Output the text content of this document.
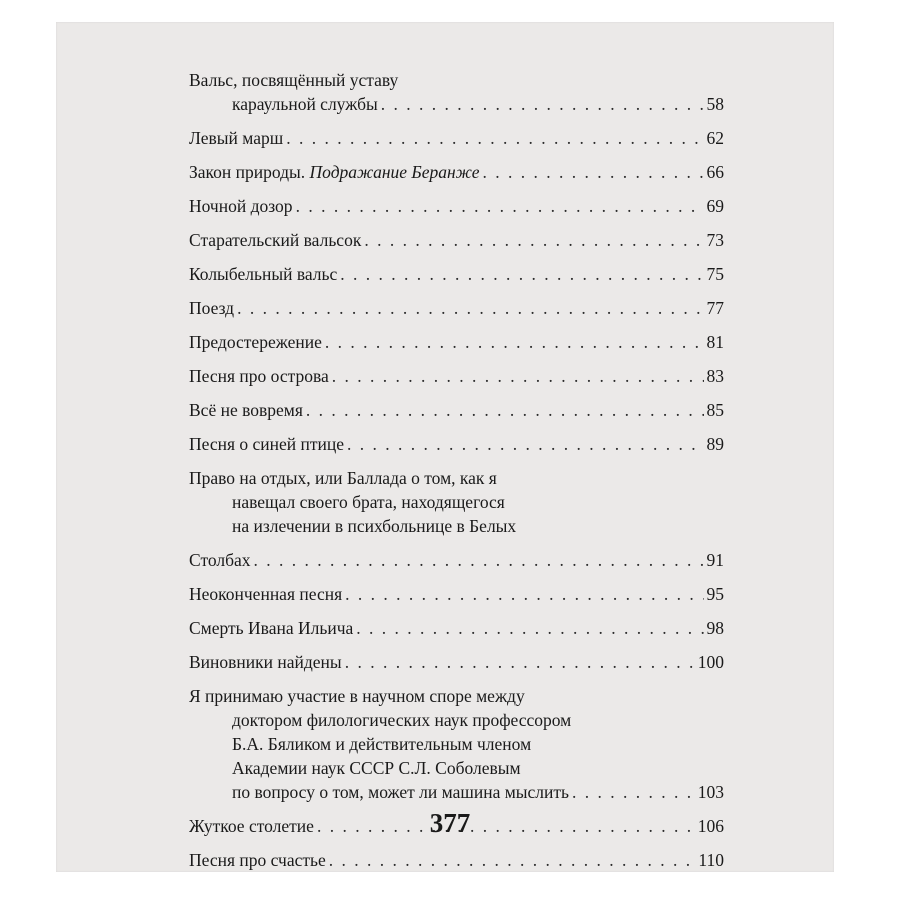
Вальс, посвящённый уставу
караульной службы . . .	58
Левый марш . . .	62
Закон природы. Подражание Беранже . . .	66
Ночной дозор . . .	69
Старательский вальсок . . .	73
Колыбельный вальс . . .	75
Поезд . . .	77
Предостережение . . .	81
Песня про острова . . .	83
Всё не вовремя . . .	85
Песня о синей птице . . .	89
Право на отдых, или Баллада о том, как я
навещал своего брата, находящегося
на излечении в психбольнице в Белых
Столбах . . .	91
Неоконченная песня . . .	95
Смерть Ивана Ильича . . .	98
Виновники найдены . . .	100
Я принимаю участие в научном споре между
доктором филологических наук профессором
Б.А. Бяликом и действительным членом
Академии наук СССР С.Л. Соболевым
по вопросу о том, может ли машина мыслить . . .	103
Жуткое столетие . . .	106
Песня про счастье . . .	110
377
